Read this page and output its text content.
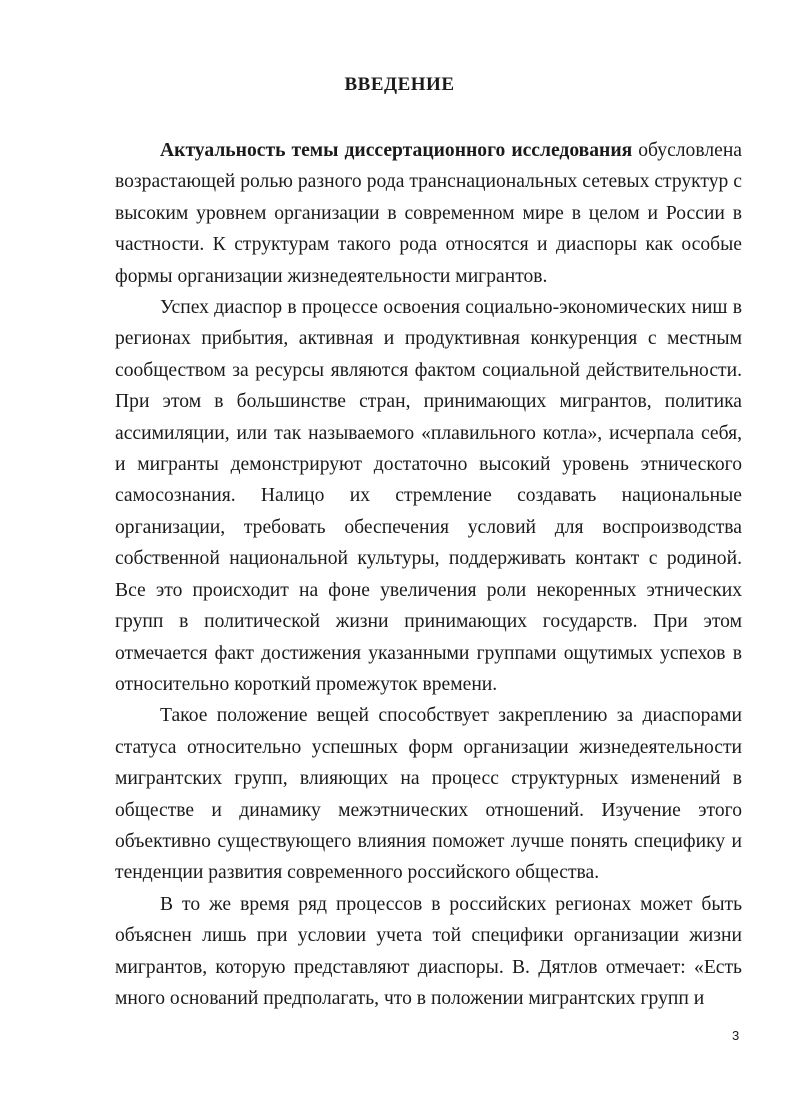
ВВЕДЕНИЕ

Актуальность темы диссертационного исследования обусловлена возрастающей ролью разного рода транснациональных сетевых структур с высоким уровнем организации в современном мире в целом и России в частности. К структурам такого рода относятся и диаспоры как особые формы организации жизнедеятельности мигрантов.

Успех диаспор в процессе освоения социально-экономических ниш в регионах прибытия, активная и продуктивная конкуренция с местным сообществом за ресурсы являются фактом социальной действительности. При этом в большинстве стран, принимающих мигрантов, политика ассимиляции, или так называемого «плавильного котла», исчерпала себя, и мигранты демонстрируют достаточно высокий уровень этнического самосознания. Налицо их стремление создавать национальные организации, требовать обеспечения условий для воспроизводства собственной национальной культуры, поддерживать контакт с родиной. Все это происходит на фоне увеличения роли некоренных этнических групп в политической жизни принимающих государств. При этом отмечается факт достижения указанными группами ощутимых успехов в относительно короткий промежуток времени.

Такое положение вещей способствует закреплению за диаспорами статуса относительно успешных форм организации жизнедеятельности мигрантских групп, влияющих на процесс структурных изменений в обществе и динамику межэтнических отношений. Изучение этого объективно существующего влияния поможет лучше понять специфику и тенденции развития современного российского общества.

В то же время ряд процессов в российских регионах может быть объяснен лишь при условии учета той специфики организации жизни мигрантов, которую представляют диаспоры. В. Дятлов отмечает: «Есть много оснований предполагать, что в положении мигрантских групп и

3
